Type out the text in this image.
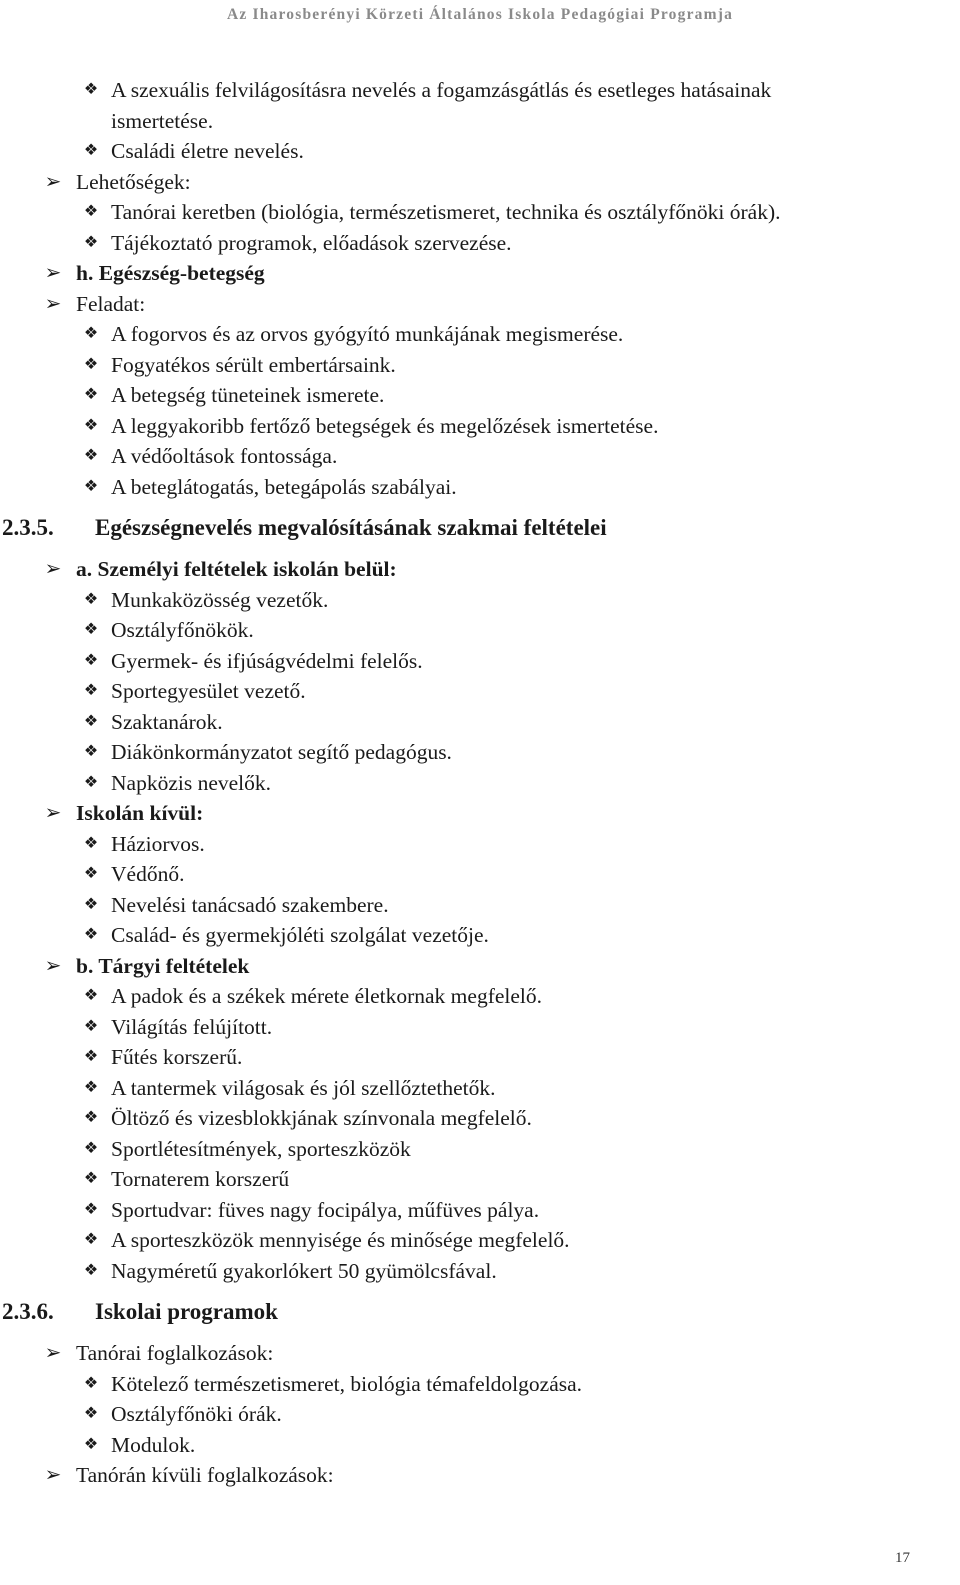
Az Iharosberényi Körzeti Általános Iskola Pedagógiai Programja
❖ A szexuális felvilágosításra nevelés a fogamzásgátlás és esetleges hatásainak
ismertetése.
❖ Családi életre nevelés.
➢ Lehetőségek:
❖ Tanórai keretben (biológia, természetismeret, technika és osztályfőnöki órák).
❖ Tájékoztató programok, előadások szervezése.
➢ h. Egészség-betegség
➢ Feladat:
❖ A fogorvos és az orvos gyógyító munkájának megismerése.
❖ Fogyatékos sérült embertársaink.
❖ A betegség tüneteinek ismerete.
❖ A leggyakoribb fertőző betegségek és megelőzések ismertetése.
❖ A védőoltások fontossága.
❖ A beteglátogatás, betegápolás szabályai.
2.3.5. Egészségnevelés megvalósításának szakmai feltételei
➢ a. Személyi feltételek iskolán belül:
❖ Munkaközösség vezetők.
❖ Osztályfőnökök.
❖ Gyermek- és ifjúságvédelmi felelős.
❖ Sportegyesület vezető.
❖ Szaktanárok.
❖ Diákönkormányzatot segítő pedagógus.
❖ Napközis nevelők.
➢ Iskolán kívül:
❖ Háziorvos.
❖ Védőnő.
❖ Nevelési tanácsadó szakembere.
❖ Család- és gyermekjóléti szolgálat vezetője.
➢ b. Tárgyi feltételek
❖ A padok és a székek mérete életkornak megfelelő.
❖ Világítás felújított.
❖ Fűtés korszerű.
❖ A tantermek világosak és jól szellőztethetők.
❖ Öltöző és vizesblokkjának színvonala megfelelő.
❖ Sportlétesítmények, sporteszközök
❖ Tornaterem korszerű
❖ Sportudvar: füves nagy focipálya, műfüves pálya.
❖ A sporteszközök mennyisége és minősége megfelelő.
❖ Nagyméretű gyakorlókert 50 gyümölcsfával.
2.3.6. Iskolai programok
➢ Tanórai foglalkozások:
❖ Kötelező természetismeret, biológia témafeldolgozása.
❖ Osztályfőnöki órák.
❖ Modulok.
➢ Tanórán kívüli foglalkozások:
17
